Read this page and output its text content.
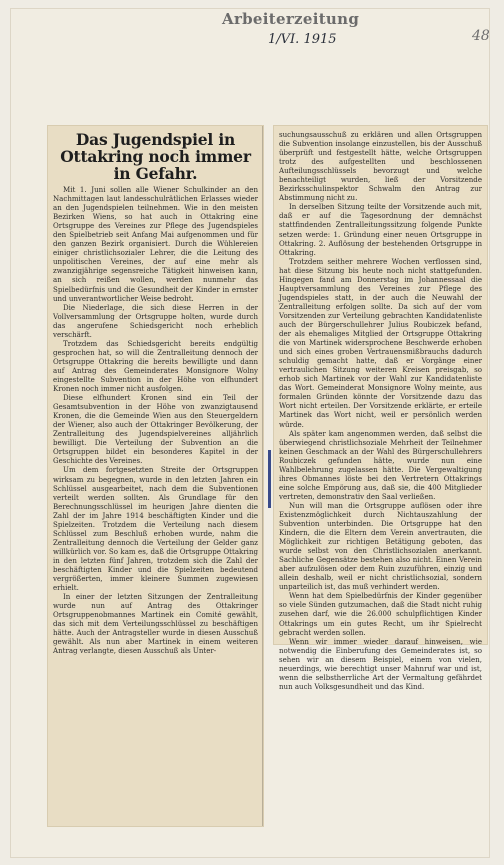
Arbeiterzeitung
1/VI. 1915	48
Das Jugendspiel in Ottakring noch immer in Gefahr.

Mit 1. Juni sollen alle Wiener Schulkinder an den Nachmittagen laut landesschulrätlichen Erlasses wieder an den Jugendspielen teilnehmen. Wie in den meisten Bezirken Wiens, so hat auch in Ottakring eine Ortsgruppe des Vereines zur Pflege des Jugendspieles den Spielbetrieb seit Anfang Mai aufgenommen und für den ganzen Bezirk organisiert. Durch die Wühlereien einiger christlichsozialer Lehrer, die die Leitung des unpolitischen Vereines, der auf eine mehr als zwanzigjährige segensreiche Tätigkeit hinweisen kann, an sich reißen wollen, werden nunmehr das Spielbedürfnis und die Gesundheit der Kinder in ernster und unverantwortlicher Weise bedroht.

Die Niederlage, die sich diese Herren in der Vollversammlung der Ortsgruppe holten, wurde durch das angerufene Schiedsgericht noch erheblich verschärft.

Trotzdem das Schiedsgericht bereits endgültig gesprochen hat, so will die Zentralleitung dennoch der Ortsgruppe Ottakring die bereits bewilligte und dann auf Antrag des Gemeinderates Monsignore Wolny eingestellte Subvention in der Höhe von elfhundert Kronen noch immer nicht ausfolgen.

Diese elfhundert Kronen sind ein Teil der Gesamtsubvention in der Höhe von zwanzigtausend Kronen, die die Gemeinde Wien aus den Steuergeldern der Wiener, also auch der Ottakringer Bevölkerung, der Zentralleitung des Jugendspielvereines alljährlich bewilligt. Die Verteilung der Subvention an die Ortsgruppen bildet ein besonderes Kapitel in der Geschichte des Vereines.

Um dem fortgesetzten Streite der Ortsgruppen wirksam zu begegnen, wurde in den letzten Jahren ein Schlüssel ausgearbeitet, nach dem die Subventionen verteilt werden sollten. Als Grundlage für den Berechnungsschlüssel im heurigen Jahre dienten die Zahl der im Jahre 1914 beschäftigten Kinder und die Spielzeiten. Trotzdem die Verteilung nach diesem Schlüssel zum Beschluß erhoben wurde, nahm die Zentralleitung dennoch die Verteilung der Gelder ganz willkürlich vor. So kam es, daß die Ortsgruppe Ottakring in den letzten fünf Jahren, trotzdem sich die Zahl der beschäftigten Kinder und die Spielzeiten bedeutend vergrößerten, immer kleinere Summen zugewiesen erhielt.

In einer der letzten Sitzungen der Zentralleitung wurde nun auf Antrag des Ottakringer Ortsgruppenobmannes Martinek ein Comité gewählt, das sich mit dem Verteilungsschlüssel zu beschäftigen hätte. Auch der Antragsteller wurde in diesen Ausschuß gewählt. Als nun aber Martinek in einem weiteren Antrag verlangte, diesen Ausschuß als Unter-

suchungsausschuß zu erklären und allen Ortsgruppen die Subvention insolange einzustellen, bis der Ausschuß überprüft und festgestellt hätte, welche Ortsgruppen trotz des aufgestellten und beschlossenen Aufteilungsschlüssels bevorzugt und welche benachteiligt wurden, ließ der Vorsitzende Bezirksschulinspektor Schwalm den Antrag zur Abstimmung nicht zu.

In derselben Sitzung teilte der Vorsitzende auch mit, daß er auf die Tagesordnung der demnächst stattfindenden Zentralleitungssitzung folgende Punkte setzen werde: 1. Gründung einer neuen Ortsgruppe in Ottakring. 2. Auflösung der bestehenden Ortsgruppe in Ottakring.

Trotzdem seither mehrere Wochen verflossen sind, hat diese Sitzung bis heute noch nicht stattgefunden. Hingegen fand am Donnerstag im Johannessaal die Hauptversammlung des Vereines zur Pflege des Jugendspieles statt, in der auch die Neuwahl der Zentralleitung erfolgen sollte. Da sich auf der vom Vorsitzenden zur Verteilung gebrachten Kandidatenliste auch der Bürgerschullehrer Julius Roubiczek befand, der als ehemaliges Mitglied der Ortsgruppe Ottakring die von Martinek widersprochene Beschwerde erhoben und sich eines groben Vertrauensmißbrauchs dadurch schuldig gemacht hatte, daß er Vorgänge einer vertraulichen Sitzung weiteren Kreisen preisgab, so erhob sich Martinek vor der Wahl zur Kandidatenliste das Wort. Gemeinderat Monsignore Wolny meinte, aus formalen Gründen könnte der Vorsitzende dazu das Wort nicht erteilen. Der Vorsitzende erklärte, er erteile Martinek das Wort nicht, weil er persönlich werden würde.

Als später kam angenommen werden, daß selbst die überwiegend christlichsoziale Mehrheit der Teilnehmer keinen Geschmack an der Wahl des Bürgerschullehrers Roubiczek gefunden hätte, wurde nun eine Wahlbelehrung zugelassen hätte. Die Vergewaltigung ihres Obmannes löste bei den Vertretern Ottakrings eine solche Empörung aus, daß sie, die 400 Mitglieder vertreten, demonstrativ den Saal verließen.

Nun will man die Ortsgruppe auflösen oder ihre Existenzmöglichkeit durch Nichtauszahlung der Subvention unterbinden. Die Ortsgruppe hat den Kindern, die die Eltern dem Verein anvertrauten, die Möglichkeit zur richtigen Betätigung geboten, das wurde selbst von den Christlichsozialen anerkannt. Sachliche Gegensätze bestehen also nicht. Einen Verein aber aufzulösen oder dem Ruin zuzuführen, einzig und allein deshalb, weil er nicht christlichsozial, sondern unparteilich ist, das muß verhindert werden.

Wenn hat dem Spielbedürfnis der Kinder gegenüber so viele Sünden gutzumachen, daß die Stadt nicht ruhig zusehen darf, wie die 26.000 schulpflichtigen Kinder Ottakrings um ein gutes Recht, um ihr Spielrecht gebracht werden sollen.

Wenn wir immer wieder darauf hinweisen, wie notwendig die Einberufung des Gemeinderates ist, so sehen wir an diesem Beispiel, einem von vielen, neuerdings, wie berechtigt unser Mahnruf war und ist, wenn die selbstherrliche Art der Vermaltung gefährdet nun auch Volksgesundheit und das Kind.
